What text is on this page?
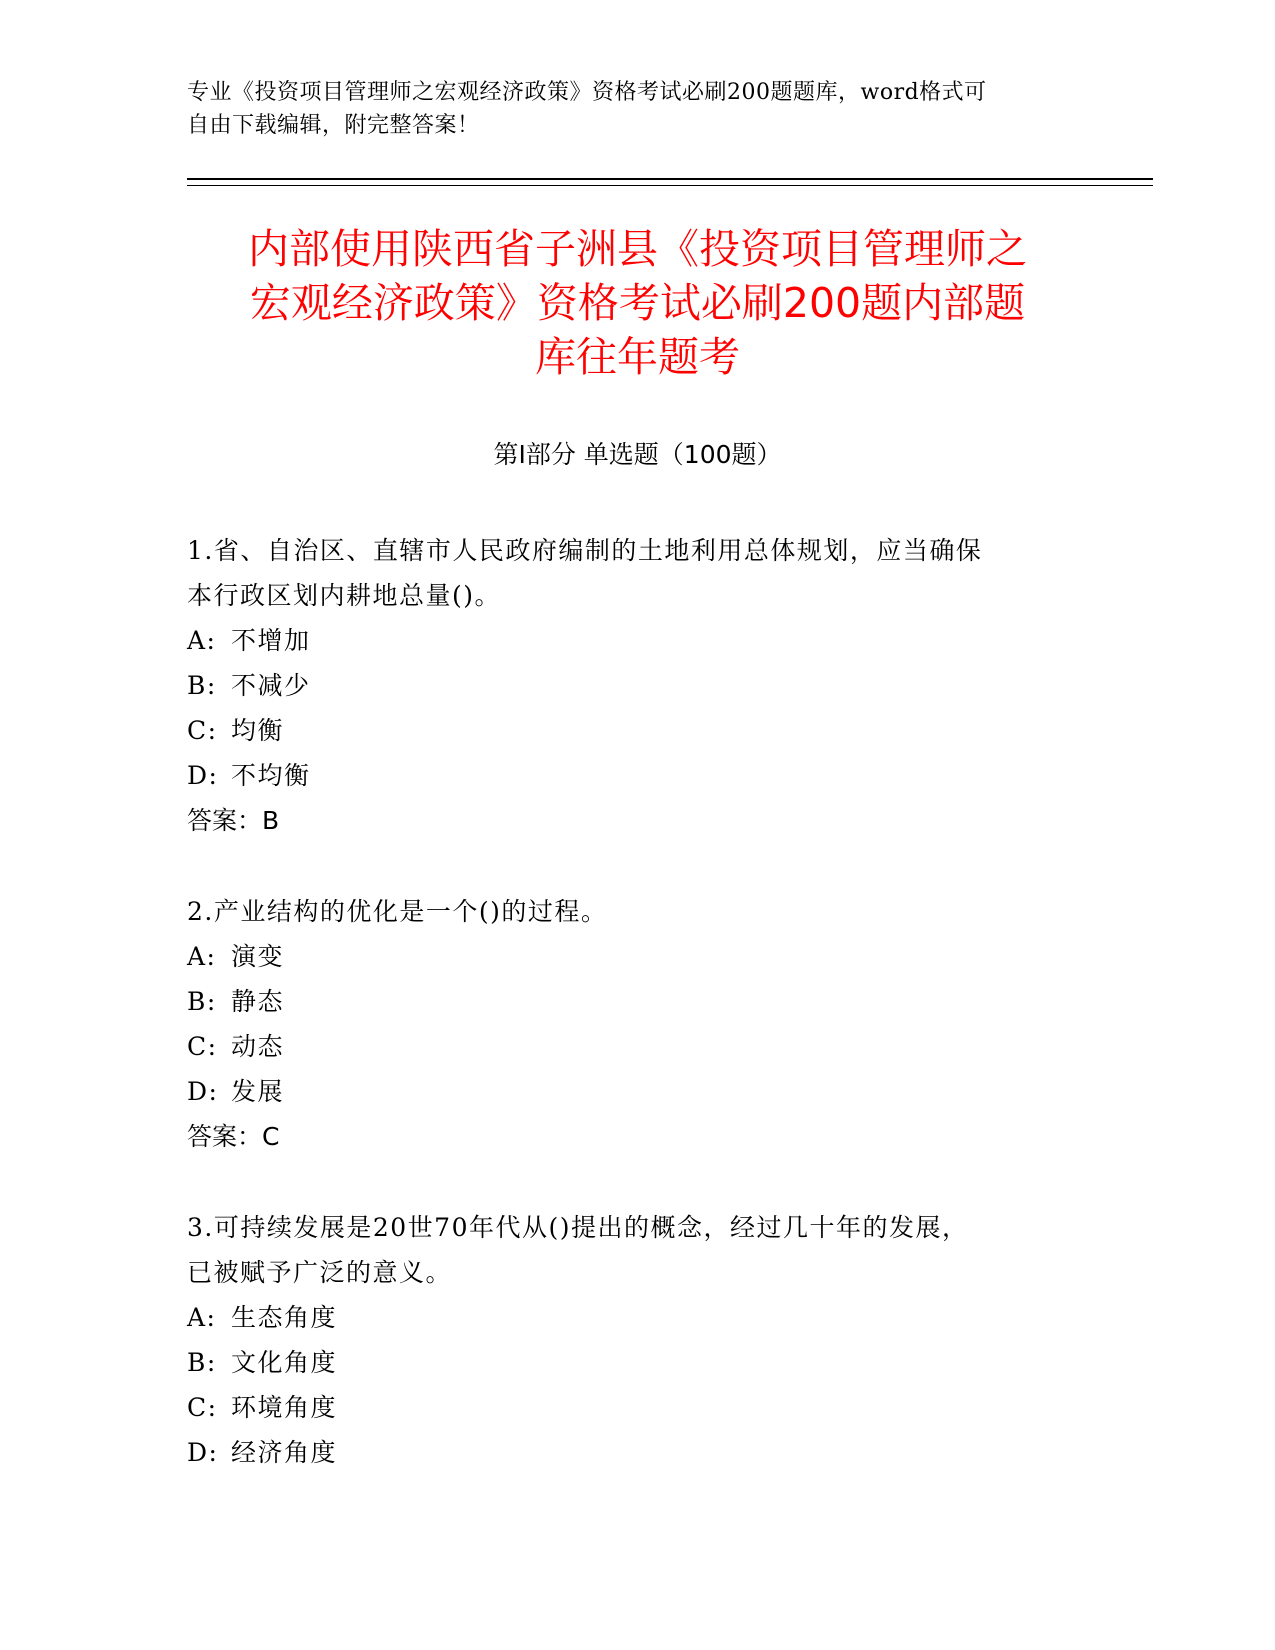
专业《投资项目管理师之宏观经济政策》资格考试必刷200题题库，word格式可
自由下载编辑，附完整答案！
内部使用陕西省子洲县《投资项目管理师之
宏观经济政策》资格考试必刷200题内部题
库往年题考
第Ⅰ部分 单选题（100题）
1.省、自治区、直辖市人民政府编制的土地利用总体规划，应当确保
本行政区划内耕地总量()。
A: 不增加
B: 不减少
C: 均衡
D: 不均衡
答案：B
2.产业结构的优化是一个()的过程。
A: 演变
B: 静态
C: 动态
D: 发展
答案：C
3.可持续发展是20世70年代从()提出的概念，经过几十年的发展，
已被赋予广泛的意义。
A: 生态角度
B: 文化角度
C: 环境角度
D: 经济角度
